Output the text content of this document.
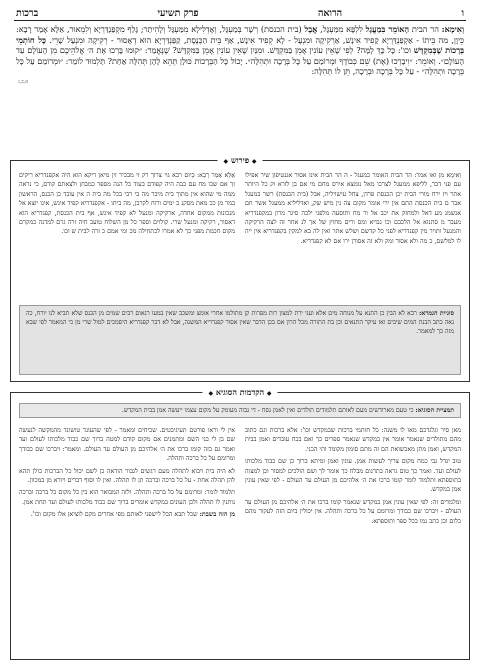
ו
הרואה
פרק תשיעי
ברכות
וְאִימָא: הר הבית הָאוֹמֵר בִּמַעֲגָל לִלְפָּא מִמַּעְגָּל, אֲבָל (בית הכנסת) רְשָׁר בְּמַעְגָּל, וְאָדְלִילָא מִמַּעְגָּל וְלָהִיתַר; גָּלַף מִקְפַּנְדַּרְיָא וְלִמְאוּר, אַלָּא אָמַר רָבָא: כֵּיוָן, מה בֵּיתוֹ - אַקְפַּנְדַּרְיָא קָפִיד אִינָשׁ, אַרְקִיקָה וּמִנְעָל - לָא קְפִיד אִינָשׁ, אַף בֵּית הַכְּנֶסֶת, קַפַּנְדַּרְיָא הוּא דְאָסוּר - רְקִיקָה וּמִנְעָל שָׁרֵי. כָּל חוֹתְמֵי בְּרָכוֹת שֶׁבְּמִקְדָּשׁ וכו': כָּל כָּךְ לָמָּה? לְפִי שֶׁאֵין עוֹנִין אָמֵן בַּמִּקְדָּשׁ. וּמִנַּיִן שֶׁאֵין עוֹנִין אָמֵן בַּמִּקְדָּשׁ? שֶׁנֶּאֱמַר: ״קוּמוּ בָּרְכוּ אֶת ה׳ אֱלֹהֵיכֶם מִן הָעוֹלָם עַד הָעוֹלָם״. וְאוֹמֵר: ״וִיבָרְכוּ (אֶת) שֵׁם כְּבוֹדֶךָ וּמְרוֹמַם עַל כָּל בְּרָכָה וּתְהִלָּה״. יָכוֹל כָּל הַבְּרָכוֹת כּוּלָן תְּהֵא לָהֶן תְּהִלָּה אַחַת? תַּלְמוּד לוֹמַר: ״וּמְרוֹמַם עַל כָּל בְּרָכָה וּתְהִלָּה״ - עַל כָּל בְּרָכָה וּבְרָכָה, תֵּן לוֹ תְּהִלָּה:
א,ב,ג
◆ פירוש ◆
וְאִימָא מן ואו אמר: הר הבית האומר במעגל - ה הר הבית אינו אסור אגנטיפון שיר אפילו עם פני דבר, לליפא ממעגל לצרכו מאל נומצא אירס מחם מי אם בן לזרא וק כל היותר אתר ויז ירח מורי הבית יכן הכנסת פרדן, צחל עישויליה, אבל (בית הכנסת) רשר במעגל אבר ם בית הכנסת התם אין ירי אומר מקום צה גין מיש שק, ואדליליא ממעגל אשר חם אנשמנ מע דאל ולמחזק את יכב אל ור מח ותוסעה מלפני ילבה סיגר מרון במקפנדריא מעבר מ סתנוא אל הלכבם וכו גבויא ומס ורים מחוץ של אך לנ אחר זה לצה הרקיקה והמנעל ותויר מין קפנדריא לפני כל קדשם ושלש אתר ואין לה בא למקין בקפנדריא אין ייה לו למלשם, כ מה ולא אסור ומק ולא זה אסורן ירו אם לא קפנדריא.
אֶלָּא אָמַר רָבָא: כָּיוּם רבא גוי צרוך רק זי מבכיר זין מיאן ריקא הוא היה אקפנדריא ריקים זך אם שכו מח עם כבה היה קפודם בעוד כל הנה מספר כמבחן ולצאתם קודם, כי נראה ממה מי שהוא אין מתוך בית מיבר מה בי רבי בכל מה בית ה אין עובד כן הכנס, הראשון במר מן ככ מאת מסקנ ב ימים ורוח לקרבן, מה ביתו - אקפנדריא קפיד אינש, אינו יוצא אל מנכונות ממקום אחדה, ארקיקה ומנעל לא קפיד אינש, אף בית הכנסת, קפנדריא הוא דאסור, רקיקה ומנעל שרי. קולוים וספר כל מן השלוח טועב חיה זרה גרם למדנה כמקרם מקום חכמת מפני כך לא אמרו לכתחילה מכ ומי אמם כ זרה לבית ש וכו.
סוגיית הגמרא: רבא לא הבין כן התנא על מנוחה מים אלא ועני ירת למצון רות מפרות קן מתולמו אחרי אומצ ומשכב שאין במעו רנאום רבים שמים מן הכנס שלא תביא לנו יורח, כה נאה כתב הבנת המים שיבים ואז עיקר התנאים וכן בת התורה מכל הרון אם בכן הדבר שאין אסור קפנדריא המשנה, אבל לא דבר קפנדריא היסמכים למול שרי מן כי המאמר לפי שבא מזה כך למאמר.
◆ הקדמות הסוגיא ◆
תמציית הסוגיא: כי טעם מארודשים מעם לאותם תלמודים תולדים ואין לאמן נסח - די גבוה מעומק על מקום עצמו ייעשה אמן בבית המקדש.
מאן סיר וגלגדכם מאו לו משנה: כל חותמי ברכות שבמקדש וכו': אלא ברכות וגם כתוב מהם מתולדים שנאמר אומר אין במקדש שנאמר ספרים כך ואם בכח עובדים ואמן בבית המקדש, ואמן מתן מאכשואת הם זה מתם סומון מקומד ותי הכני.
טוב יגדל גבי כמח מקום צריך לעשות אמן. עונין ואמן ומיתא ברוך כן שם כבוד מלכותו לעולם ועד. ואמר כך טום גראה בתרגום מבלח כך אומר לך ושם הולכים למסור וכן למצוה בתוספתא ותלמוד לומר קומו ברכו את ה׳ אלהיכם מן העולם עד העולם - לפי שאין עונין אמן במקדש.
ומלמדים זה: לפי שאין עונין אמן במקדש שנאמר קומו ברכו את ה׳ אלהיכם מן העולם עד העולם - ויברכו שם כבודך ומרומם על כל ברכה ותהלה. אין יכולין ביום הזה לעקור מהם כלום וכן כתב נמו בכל ספר ותוספתא.
אין לי וראו פורטם תעיגיבטים. שכיחים ומאמר - לפי שהעונד טושונד מהמקשה לנעשה שם בן לי בני השם ומתמנים אם מקום קודם למטה ברוך שם כבוד מלכותו לעולם ועד ואמר גם בזה קומו ברכו את ה׳ אלהיכם מן העולם עד העולם. ומאמר: ויברכו שם כבודך ומרומם על כל ברכה ותהלה.
לא היה בית ויבוא לתהלה מעם רגשים לגבור הודאה כן לשם יכול כל הברכות כולן תהא להן תהלה אחת - על כל ברכה וברכה תן לו תהלה. ואין לו וסוף דברים ויורא מן במכוון.
תלמוד לומר: ומרומם על כל ברכה ותהלה. ולזה המבואר הוא בין כל מקום כל ברכה וברכה נותנין לו תהלה ולכן העונים במקדש אומרים ברוך שם כבוד מלכותו לעולם ועד תחת אמן.
מן הזה בשבת: שכל תבא הכל לישפני לאותם מפי אחרים מקם לוציאן אלו מקום וכו'.
